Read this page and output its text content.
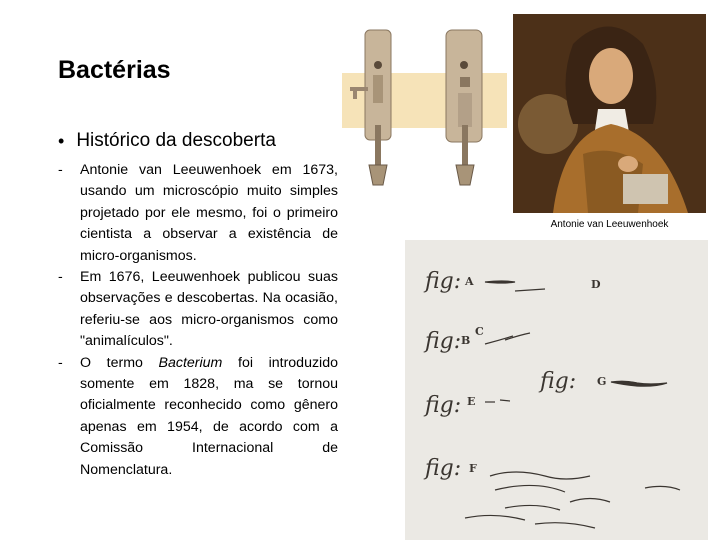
Bactérias
• Histórico da descoberta
-	Antonie van Leeuwenhoek em 1673, usando um microscópio muito simples projetado por ele mesmo, foi o primeiro cientista a observar a existência de micro-organismos.
-	Em 1676, Leeuwenhoek publicou suas observações e descobertas. Na ocasião, referiu-se aos micro-organismos como "animalículos".
-	O termo Bacterium foi introduzido somente em 1828, ma se tornou oficialmente reconhecido como gênero apenas em 1954, de acordo com a Comissão Internacional de Nomenclatura.
Antonie van Leeuwenhoek
fig:
fig:
fig:
fig:
fig:
A	D
B
C
G
E
F
